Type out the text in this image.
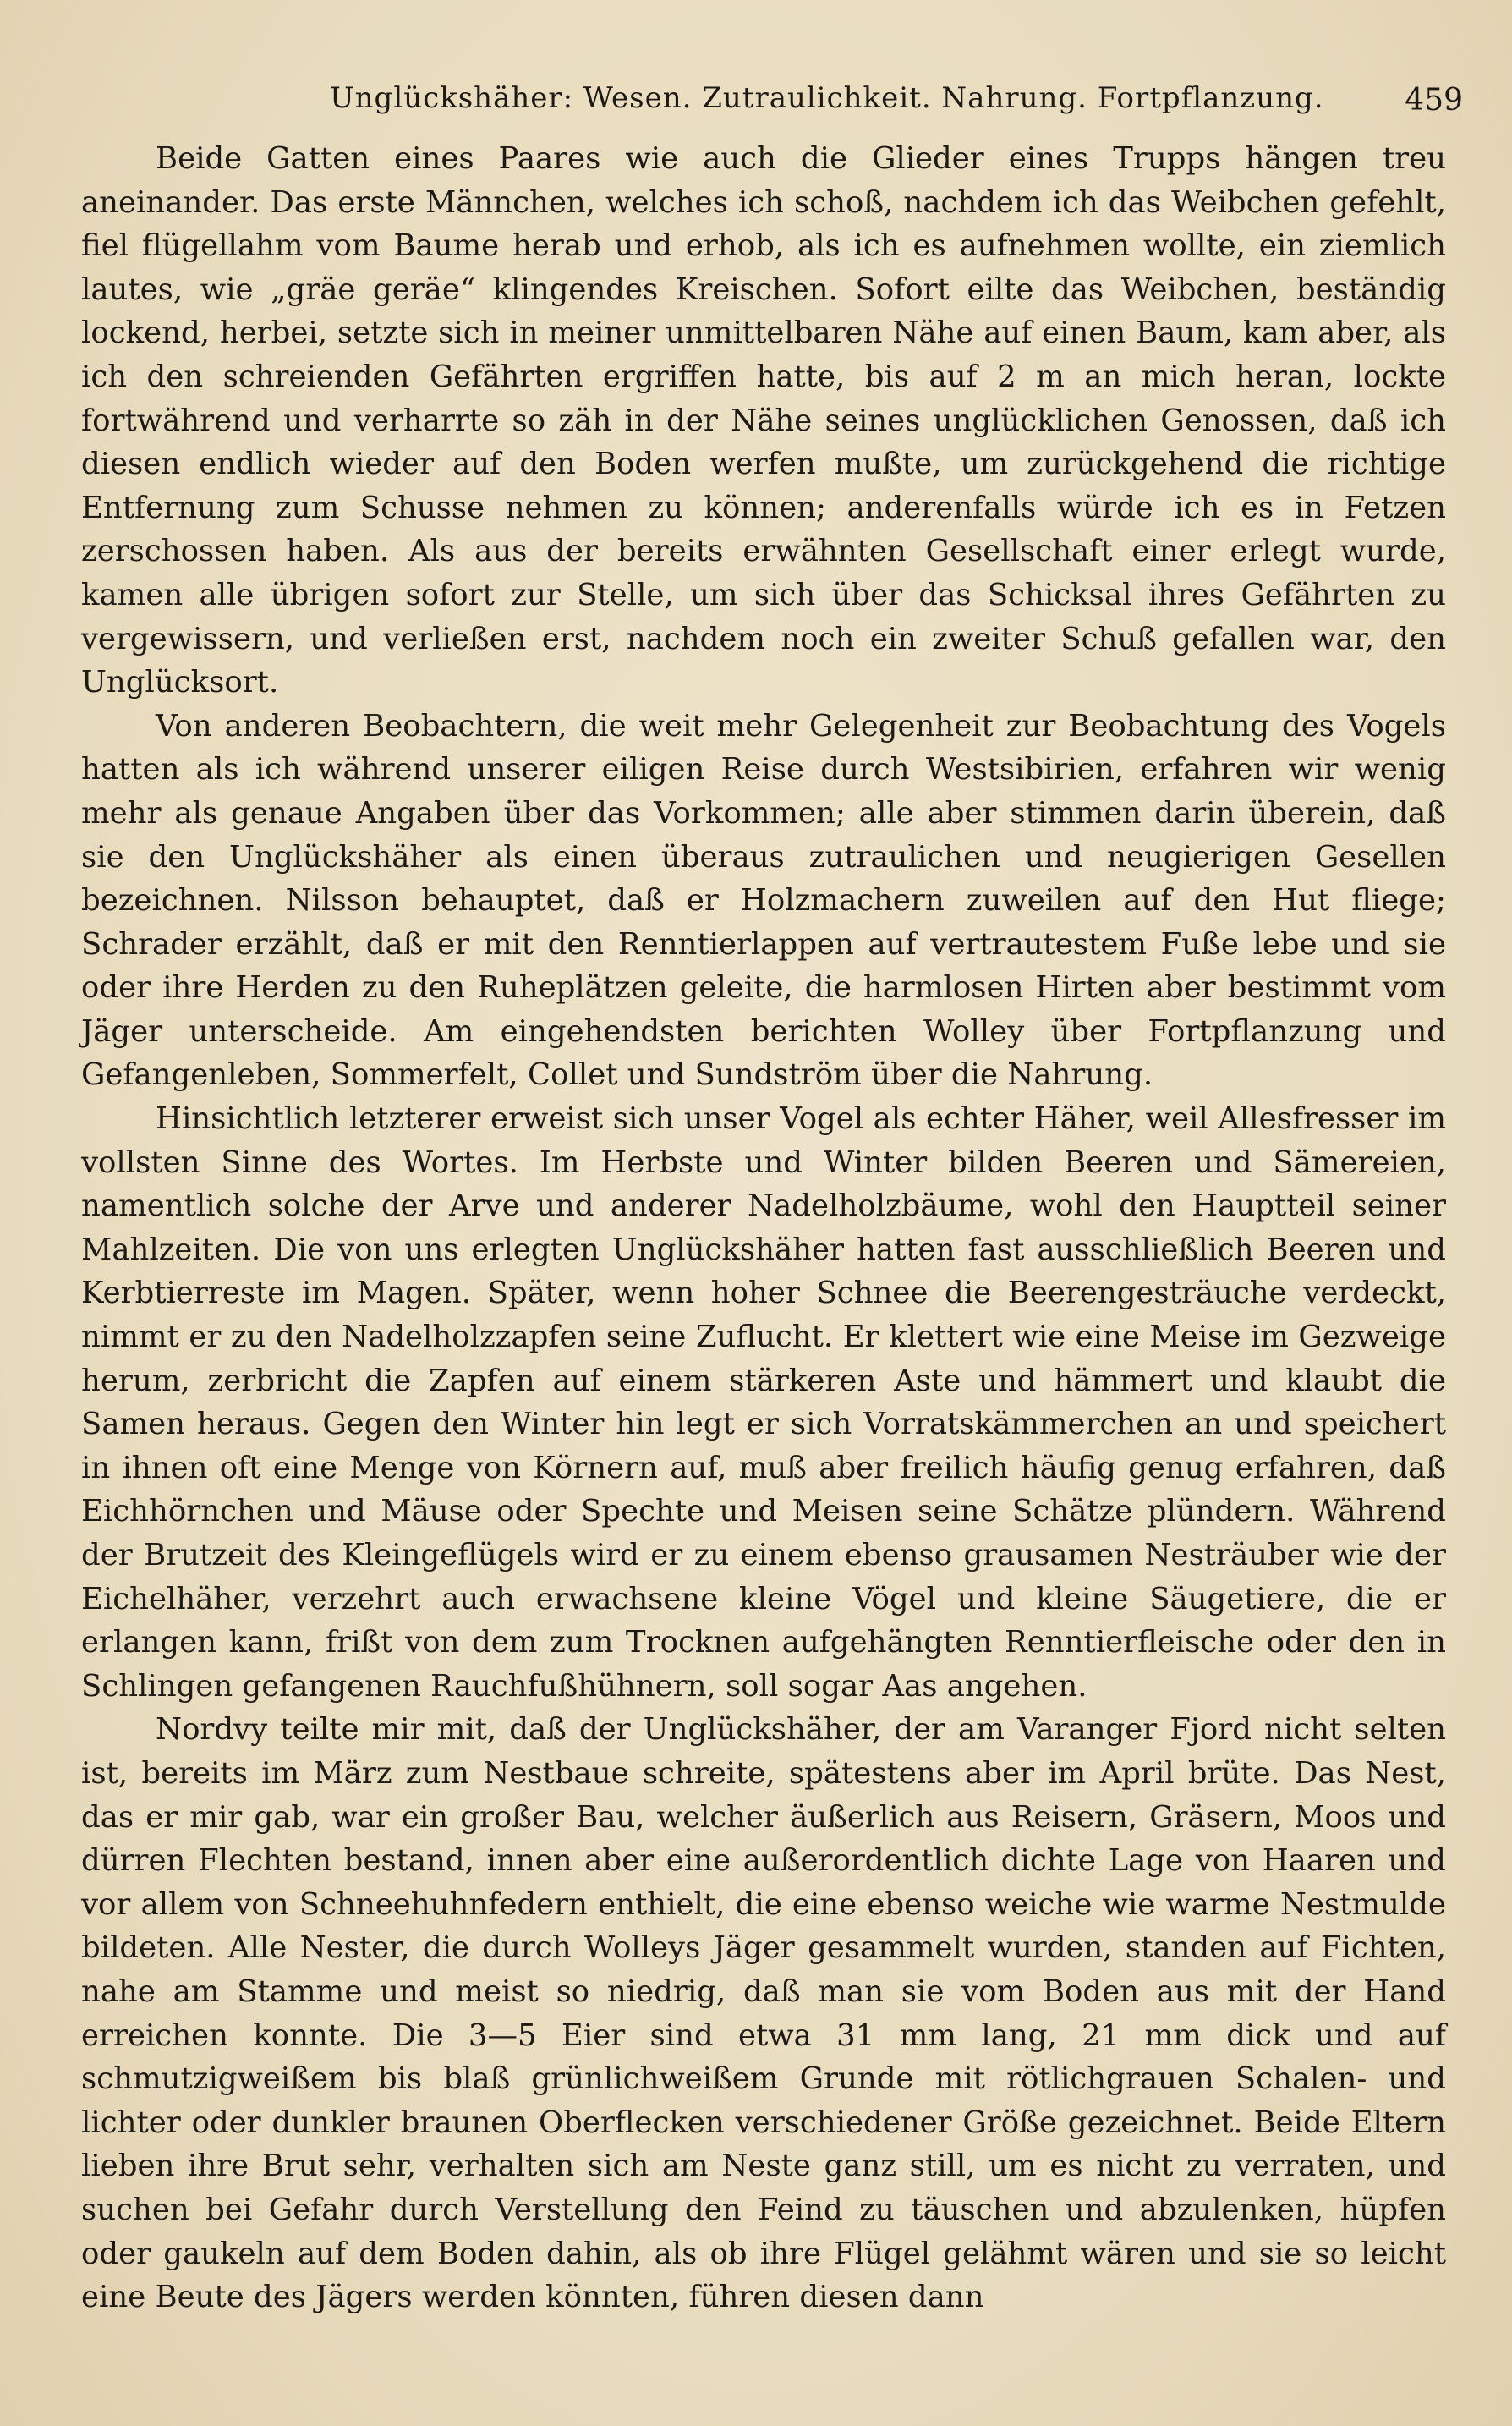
Unglückshäher: Wesen. Zutraulichkeit. Nahrung. Fortpflanzung.	459

Beide Gatten eines Paares wie auch die Glieder eines Trupps hängen treu aneinander. Das erste Männchen, welches ich schoß, nachdem ich das Weibchen gefehlt, fiel flügellahm vom Baume herab und erhob, als ich es aufnehmen wollte, ein ziemlich lautes, wie „gräe geräe“ klingendes Kreischen. Sofort eilte das Weibchen, beständig lockend, herbei, setzte sich in meiner unmittelbaren Nähe auf einen Baum, kam aber, als ich den schreienden Gefährten ergriffen hatte, bis auf 2 m an mich heran, lockte fortwährend und verharrte so zäh in der Nähe seines unglücklichen Genossen, daß ich diesen endlich wieder auf den Boden werfen mußte, um zurückgehend die richtige Entfernung zum Schusse nehmen zu können; anderenfalls würde ich es in Fetzen zerschossen haben. Als aus der bereits erwähnten Gesellschaft einer erlegt wurde, kamen alle übrigen sofort zur Stelle, um sich über das Schicksal ihres Gefährten zu vergewissern, und verließen erst, nachdem noch ein zweiter Schuß gefallen war, den Unglücksort.

Von anderen Beobachtern, die weit mehr Gelegenheit zur Beobachtung des Vogels hatten als ich während unserer eiligen Reise durch Westsibirien, erfahren wir wenig mehr als genaue Angaben über das Vorkommen; alle aber stimmen darin überein, daß sie den Unglückshäher als einen überaus zutraulichen und neugierigen Gesellen bezeichnen. Nilsson behauptet, daß er Holzmachern zuweilen auf den Hut fliege; Schrader erzählt, daß er mit den Renntierlappen auf vertrautestem Fuße lebe und sie oder ihre Herden zu den Ruheplätzen geleite, die harmlosen Hirten aber bestimmt vom Jäger unterscheide. Am eingehendsten berichten Wolley über Fortpflanzung und Gefangenleben, Sommerfelt, Collet und Sundström über die Nahrung.

Hinsichtlich letzterer erweist sich unser Vogel als echter Häher, weil Allesfresser im vollsten Sinne des Wortes. Im Herbste und Winter bilden Beeren und Sämereien, namentlich solche der Arve und anderer Nadelholzbäume, wohl den Hauptteil seiner Mahlzeiten. Die von uns erlegten Unglückshäher hatten fast ausschließlich Beeren und Kerbtierreste im Magen. Später, wenn hoher Schnee die Beerengesträuche verdeckt, nimmt er zu den Nadelholzzapfen seine Zuflucht. Er klettert wie eine Meise im Gezweige herum, zerbricht die Zapfen auf einem stärkeren Aste und hämmert und klaubt die Samen heraus. Gegen den Winter hin legt er sich Vorratskämmerchen an und speichert in ihnen oft eine Menge von Körnern auf, muß aber freilich häufig genug erfahren, daß Eichhörnchen und Mäuse oder Spechte und Meisen seine Schätze plündern. Während der Brutzeit des Kleingeflügels wird er zu einem ebenso grausamen Nesträuber wie der Eichelhäher, verzehrt auch erwachsene kleine Vögel und kleine Säugetiere, die er erlangen kann, frißt von dem zum Trocknen aufgehängten Renntierfleische oder den in Schlingen gefangenen Rauchfußhühnern, soll sogar Aas angehen.

Nordvy teilte mir mit, daß der Unglückshäher, der am Varanger Fjord nicht selten ist, bereits im März zum Nestbaue schreite, spätestens aber im April brüte. Das Nest, das er mir gab, war ein großer Bau, welcher äußerlich aus Reisern, Gräsern, Moos und dürren Flechten bestand, innen aber eine außerordentlich dichte Lage von Haaren und vor allem von Schneehuhnfedern enthielt, die eine ebenso weiche wie warme Nestmulde bildeten. Alle Nester, die durch Wolleys Jäger gesammelt wurden, standen auf Fichten, nahe am Stamme und meist so niedrig, daß man sie vom Boden aus mit der Hand erreichen konnte. Die 3—5 Eier sind etwa 31 mm lang, 21 mm dick und auf schmutzigweißem bis blaß grünlichweißem Grunde mit rötlichgrauen Schalen- und lichter oder dunkler braunen Oberflecken verschiedener Größe gezeichnet. Beide Eltern lieben ihre Brut sehr, verhalten sich am Neste ganz still, um es nicht zu verraten, und suchen bei Gefahr durch Verstellung den Feind zu täuschen und abzulenken, hüpfen oder gaukeln auf dem Boden dahin, als ob ihre Flügel gelähmt wären und sie so leicht eine Beute des Jägers werden könnten, führen diesen dann
